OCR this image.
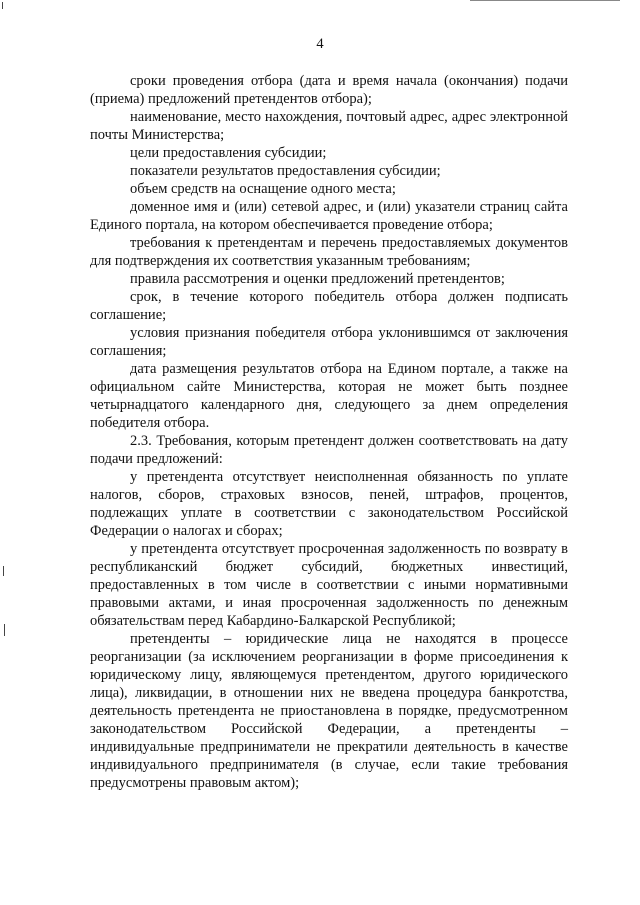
4

сроки проведения отбора (дата и время начала (окончания) подачи (приема) предложений претендентов отбора);

наименование, место нахождения, почтовый адрес, адрес электронной почты Министерства;

цели предоставления субсидии;

показатели результатов предоставления субсидии;

объем средств на оснащение одного места;

доменное имя и (или) сетевой адрес, и (или) указатели страниц сайта Единого портала, на котором обеспечивается проведение отбора;

требования к претендентам и перечень предоставляемых документов для подтверждения их соответствия указанным требованиям;

правила рассмотрения и оценки предложений претендентов;

срок, в течение которого победитель отбора должен подписать соглашение;

условия признания победителя отбора уклонившимся от заключения соглашения;

дата размещения результатов отбора на Едином портале, а также на официальном сайте Министерства, которая не может быть позднее четырнадцатого календарного дня, следующего за днем определения победителя отбора.

2.3. Требования, которым претендент должен соответствовать на дату подачи предложений:

у претендента отсутствует неисполненная обязанность по уплате налогов, сборов, страховых взносов, пеней, штрафов, процентов, подлежащих уплате в соответствии с законодательством Российской Федерации о налогах и сборах;

у претендента отсутствует просроченная задолженность по возврату в республиканский бюджет субсидий, бюджетных инвестиций, предоставленных в том числе в соответствии с иными нормативными правовыми актами, и иная просроченная задолженность по денежным обязательствам перед Кабардино-Балкарской Республикой;

претенденты – юридические лица не находятся в процессе реорганизации (за исключением реорганизации в форме присоединения к юридическому лицу, являющемуся претендентом, другого юридического лица), ликвидации, в отношении них не введена процедура банкротства, деятельность претендента не приостановлена в порядке, предусмотренном законодательством Российской Федерации, а претенденты – индивидуальные предприниматели не прекратили деятельность в качестве индивидуального предпринимателя (в случае, если такие требования предусмотрены правовым актом);
